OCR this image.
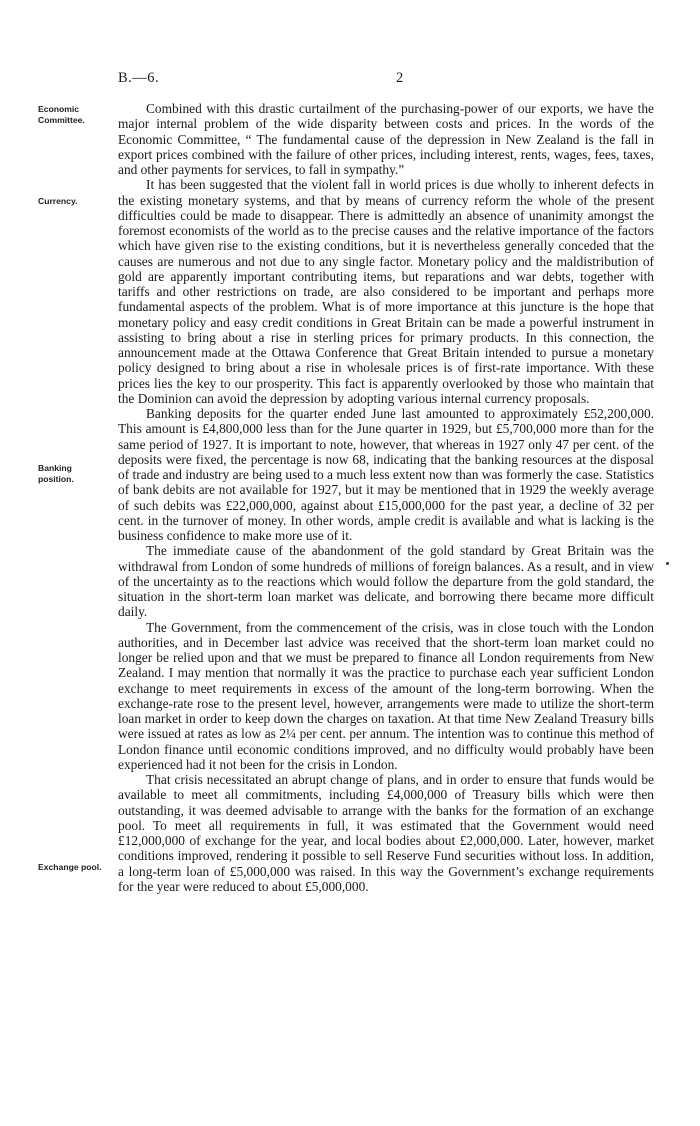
B.—6.	2
Economic Committee.
Currency.
Banking position.
Exchange pool.

Combined with this drastic curtailment of the purchasing-power of our exports, we have the major internal problem of the wide disparity between costs and prices. In the words of the Economic Committee, “ The fundamental cause of the depression in New Zealand is the fall in export prices combined with the failure of other prices, including interest, rents, wages, fees, taxes, and other payments for services, to fall in sympathy.”

It has been suggested that the violent fall in world prices is due wholly to inherent defects in the existing monetary systems, and that by means of currency reform the whole of the present difficulties could be made to disappear. There is admittedly an absence of unanimity amongst the foremost economists of the world as to the precise causes and the relative importance of the factors which have given rise to the existing conditions, but it is nevertheless generally conceded that the causes are numerous and not due to any single factor. Monetary policy and the maldistribution of gold are apparently important contributing items, but reparations and war debts, together with tariffs and other restrictions on trade, are also considered to be important and perhaps more fundamental aspects of the problem. What is of more importance at this juncture is the hope that monetary policy and easy credit conditions in Great Britain can be made a powerful instrument in assisting to bring about a rise in sterling prices for primary products. In this connection, the announcement made at the Ottawa Conference that Great Britain intended to pursue a monetary policy designed to bring about a rise in wholesale prices is of first-rate importance. With these prices lies the key to our prosperity. This fact is apparently overlooked by those who maintain that the Dominion can avoid the depression by adopting various internal currency proposals.

Banking deposits for the quarter ended June last amounted to approximately £52,200,000. This amount is £4,800,000 less than for the June quarter in 1929, but £5,700,000 more than for the same period of 1927. It is important to note, however, that whereas in 1927 only 47 per cent. of the deposits were fixed, the percentage is now 68, indicating that the banking resources at the disposal of trade and industry are being used to a much less extent now than was formerly the case. Statistics of bank debits are not available for 1927, but it may be mentioned that in 1929 the weekly average of such debits was £22,000,000, against about £15,000,000 for the past year, a decline of 32 per cent. in the turnover of money. In other words, ample credit is available and what is lacking is the business confidence to make more use of it.

The immediate cause of the abandonment of the gold standard by Great Britain was the withdrawal from London of some hundreds of millions of foreign balances. As a result, and in view of the uncertainty as to the reactions which would follow the departure from the gold standard, the situation in the short-term loan market was delicate, and borrowing there became more difficult daily.

The Government, from the commencement of the crisis, was in close touch with the London authorities, and in December last advice was received that the short-term loan market could no longer be relied upon and that we must be prepared to finance all London requirements from New Zealand. I may mention that normally it was the practice to purchase each year sufficient London exchange to meet requirements in excess of the amount of the long-term borrowing. When the exchange-rate rose to the present level, however, arrangements were made to utilize the short-term loan market in order to keep down the charges on taxation. At that time New Zealand Treasury bills were issued at rates as low as 2¼ per cent. per annum. The intention was to continue this method of London finance until economic conditions improved, and no difficulty would probably have been experienced had it not been for the crisis in London.

That crisis necessitated an abrupt change of plans, and in order to ensure that funds would be available to meet all commitments, including £4,000,000 of Treasury bills which were then outstanding, it was deemed advisable to arrange with the banks for the formation of an exchange pool. To meet all requirements in full, it was estimated that the Government would need £12,000,000 of exchange for the year, and local bodies about £2,000,000. Later, however, market conditions improved, rendering it possible to sell Reserve Fund securities without loss. In addition, a long-term loan of £5,000,000 was raised. In this way the Government’s exchange requirements for the year were reduced to about £5,000,000.
